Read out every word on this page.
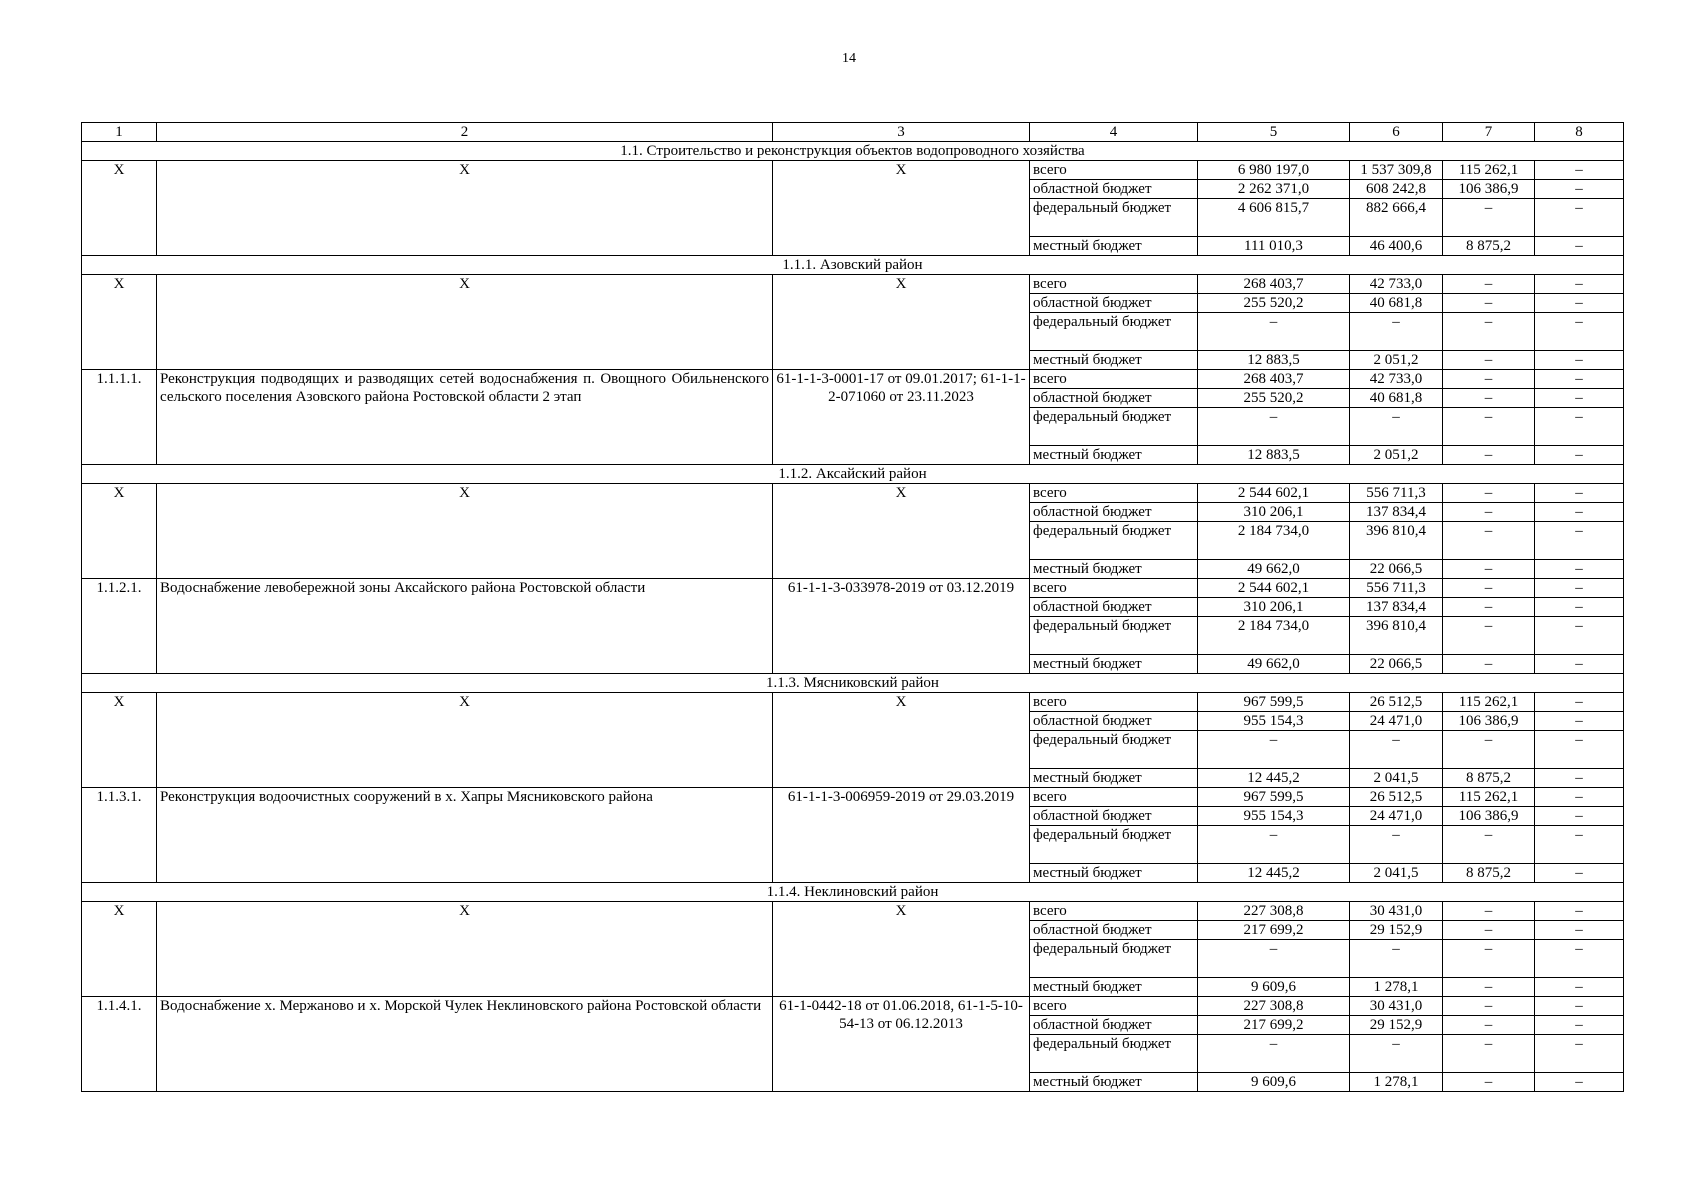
14
1	2	3	4	5	6	7	8
1.1. Строительство и реконструкция объектов водопроводного хозяйства							
X	X	X	всего	6 980 197,0	1 537 309,8	115 262,1	–
			областной бюджет	2 262 371,0	608 242,8	106 386,9	–
			федеральный бюджет	4 606 815,7	882 666,4	–	–
			местный бюджет	111 010,3	46 400,6	8 875,2	–
1.1.1. Азовский район							
X	X	X	всего	268 403,7	42 733,0	–	–
			областной бюджет	255 520,2	40 681,8	–	–
			федеральный бюджет	–	–	–	–
			местный бюджет	12 883,5	2 051,2	–	–
1.1.1.1.	Реконструкция подводящих и разводящих сетей водоснабжения п. Овощного Обильненского сельского поселения Азовского района Ростовской области 2 этап	61-1-1-3-0001-17 от 09.01.2017; 61-1-1-2-071060 от 23.11.2023	всего	268 403,7	42 733,0	–	–
			областной бюджет	255 520,2	40 681,8	–	–
			федеральный бюджет	–	–	–	–
			местный бюджет	12 883,5	2 051,2	–	–
1.1.2. Аксайский район							
X	X	X	всего	2 544 602,1	556 711,3	–	–
			областной бюджет	310 206,1	137 834,4	–	–
			федеральный бюджет	2 184 734,0	396 810,4	–	–
			местный бюджет	49 662,0	22 066,5	–	–
1.1.2.1.	Водоснабжение левобережной зоны Аксайского района Ростовской области	61-1-1-3-033978-2019 от 03.12.2019	всего	2 544 602,1	556 711,3	–	–
			областной бюджет	310 206,1	137 834,4	–	–
			федеральный бюджет	2 184 734,0	396 810,4	–	–
			местный бюджет	49 662,0	22 066,5	–	–
1.1.3. Мясниковский район							
X	X	X	всего	967 599,5	26 512,5	115 262,1	–
			областной бюджет	955 154,3	24 471,0	106 386,9	–
			федеральный бюджет	–	–	–	–
			местный бюджет	12 445,2	2 041,5	8 875,2	–
1.1.3.1.	Реконструкция водоочистных сооружений в х. Хапры Мясниковского района	61-1-1-3-006959-2019 от 29.03.2019	всего	967 599,5	26 512,5	115 262,1	–
			областной бюджет	955 154,3	24 471,0	106 386,9	–
			федеральный бюджет	–	–	–	–
			местный бюджет	12 445,2	2 041,5	8 875,2	–
1.1.4. Неклиновский район							
X	X	X	всего	227 308,8	30 431,0	–	–
			областной бюджет	217 699,2	29 152,9	–	–
			федеральный бюджет	–	–	–	–
			местный бюджет	9 609,6	1 278,1	–	–
1.1.4.1.	Водоснабжение х. Мержаново и х. Морской Чулек Неклиновского района Ростовской области	61-1-0442-18 от 01.06.2018, 61-1-5-10-54-13 от 06.12.2013	всего	227 308,8	30 431,0	–	–
			областной бюджет	217 699,2	29 152,9	–	–
			федеральный бюджет	–	–	–	–
			местный бюджет	9 609,6	1 278,1	–	–
